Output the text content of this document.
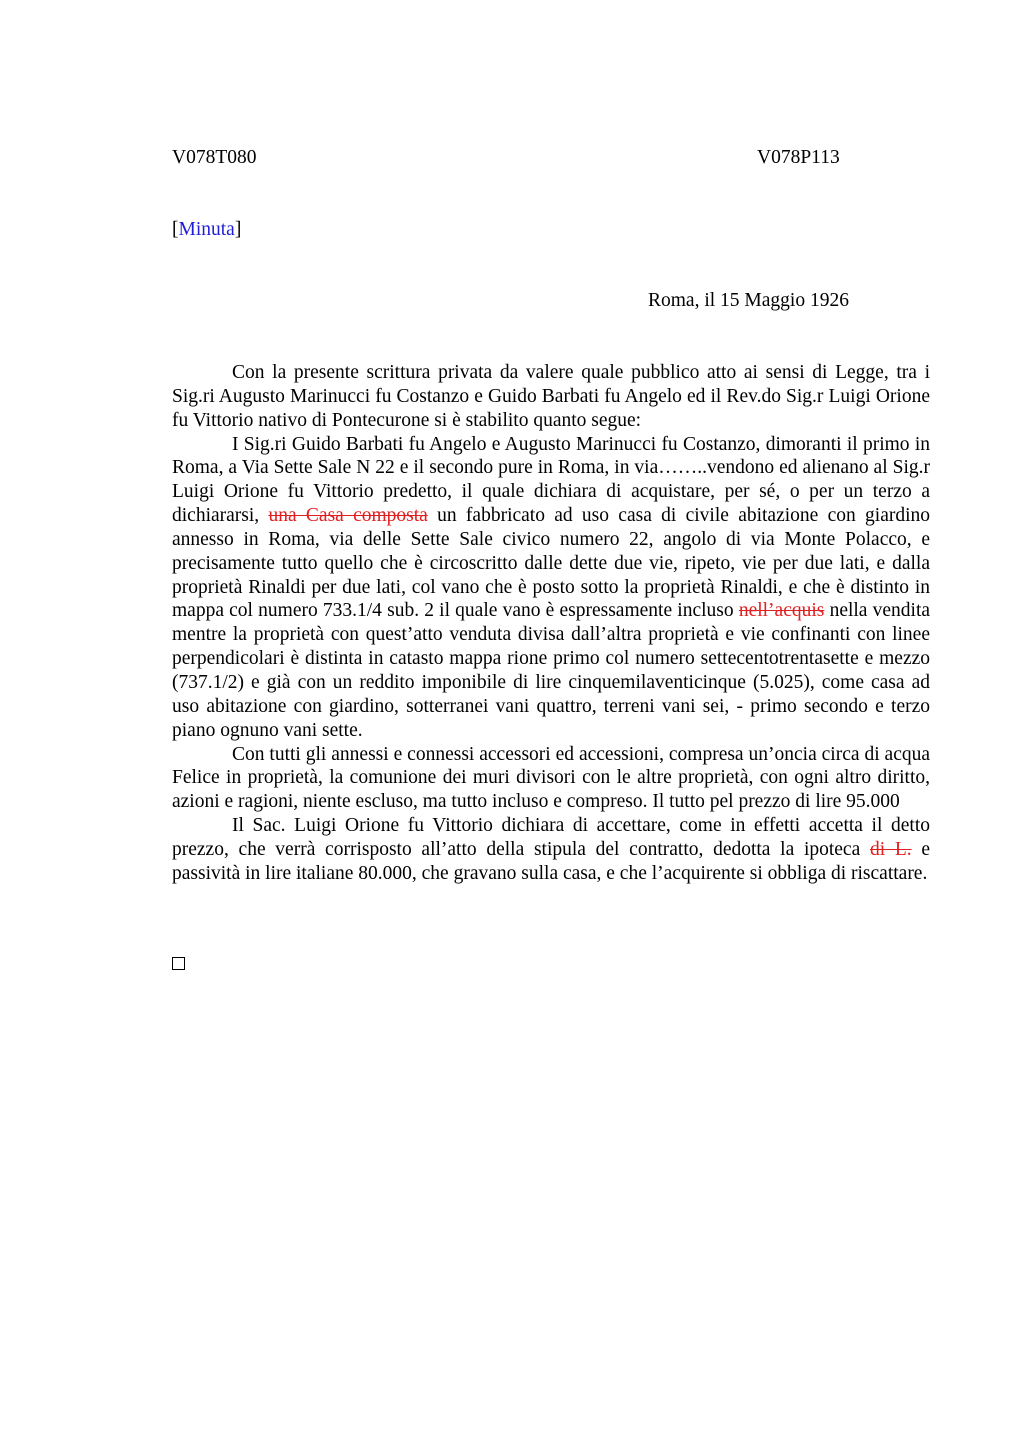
V078T080	V078P113
[Minuta]
Roma, il 15 Maggio 1926

Con la presente scrittura privata da valere quale pubblico atto ai sensi di Legge, tra i Sig.ri Augusto Marinucci fu Costanzo e Guido Barbati fu Angelo ed il Rev.do Sig.r Luigi Orione fu Vittorio nativo di Pontecurone si è stabilito quanto segue:

I Sig.ri Guido Barbati fu Angelo e Augusto Marinucci fu Costanzo, dimoranti il primo in Roma, a Via Sette Sale N 22 e il secondo pure in Roma, in via……..vendono ed alienano al Sig.r Luigi Orione fu Vittorio predetto, il quale dichiara di acquistare, per sé, o per un terzo a dichiararsi, una Casa composta un fabbricato ad uso casa di civile abitazione con giardino annesso in Roma, via delle Sette Sale civico numero 22, angolo di via Monte Polacco, e precisamente tutto quello che è circoscritto dalle dette due vie, ripeto, vie per due lati, e dalla proprietà Rinaldi per due lati, col vano che è posto sotto la proprietà Rinaldi, e che è distinto in mappa col numero 733.1/4 sub. 2 il quale vano è espressamente incluso nell’acquis nella vendita mentre la proprietà con quest’atto venduta divisa dall’altra proprietà e vie confinanti con linee perpendicolari è distinta in catasto mappa rione primo col numero settecentotrentasette e mezzo (737.1/2) e già con un reddito imponibile di lire cinquemilaventicinque (5.025), come casa ad uso abitazione con giardino, sotterranei vani quattro, terreni vani sei, - primo secondo e terzo piano ognuno vani sette.

Con tutti gli annessi e connessi accessori ed accessioni, compresa un’oncia circa di acqua Felice in proprietà, la comunione dei muri divisori con le altre proprietà, con ogni altro diritto, azioni e ragioni, niente escluso, ma tutto incluso e compreso. Il tutto pel prezzo di lire 95.000

Il Sac. Luigi Orione fu Vittorio dichiara di accettare, come in effetti accetta il detto prezzo, che verrà corrisposto all’atto della stipula del contratto, dedotta la ipoteca di L. e passività in lire italiane 80.000, che gravano sulla casa, e che l’acquirente si obbliga di riscattare.
